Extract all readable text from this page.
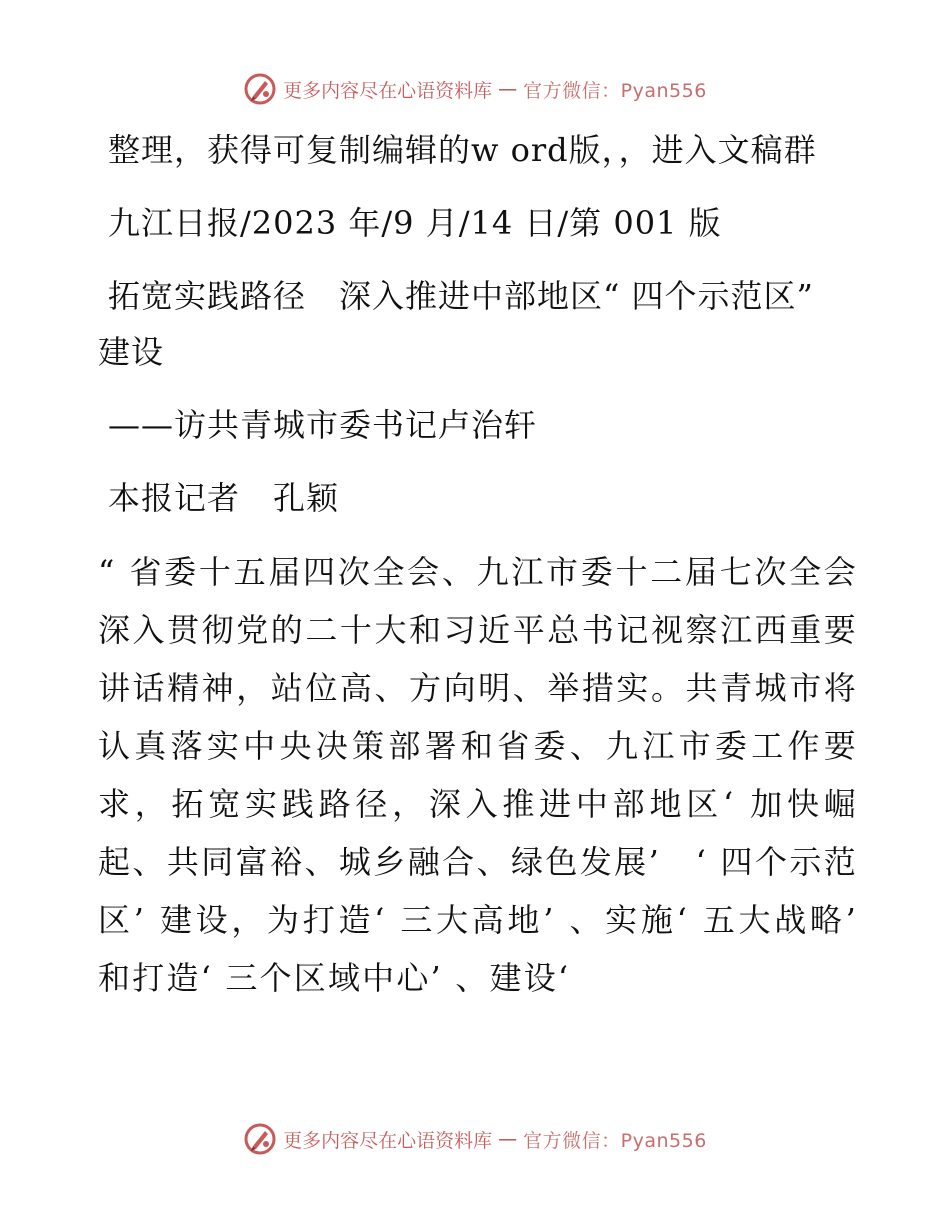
更多内容尽在心语资料库 — 官方微信：Pyan556

整理，获得可复制编辑的w ord版，，进入文稿群

九江日报/2023 年/9 月/14 日/第 001 版

拓宽实践路径　深入推进中部地区“ 四个示范区” 建设

——访共青城市委书记卢治轩

本报记者　孔颖

“ 省委十五届四次全会、九江市委十二届七次全会深入贯彻党的二十大和习近平总书记视察江西重要讲话精神，站位高、方向明、举措实。共青城市将认真落实中央决策部署和省委、九江市委工作要求，拓宽实践路径，深入推进中部地区‘ 加快崛起、共同富裕、城乡融合、绿色发展’　‘ 四个示范区’ 建设，为打造‘ 三大高地’ 、实施‘ 五大战略’ 和打造‘ 三个区域中心’ 、建设‘

更多内容尽在心语资料库 — 官方微信：Pyan556
